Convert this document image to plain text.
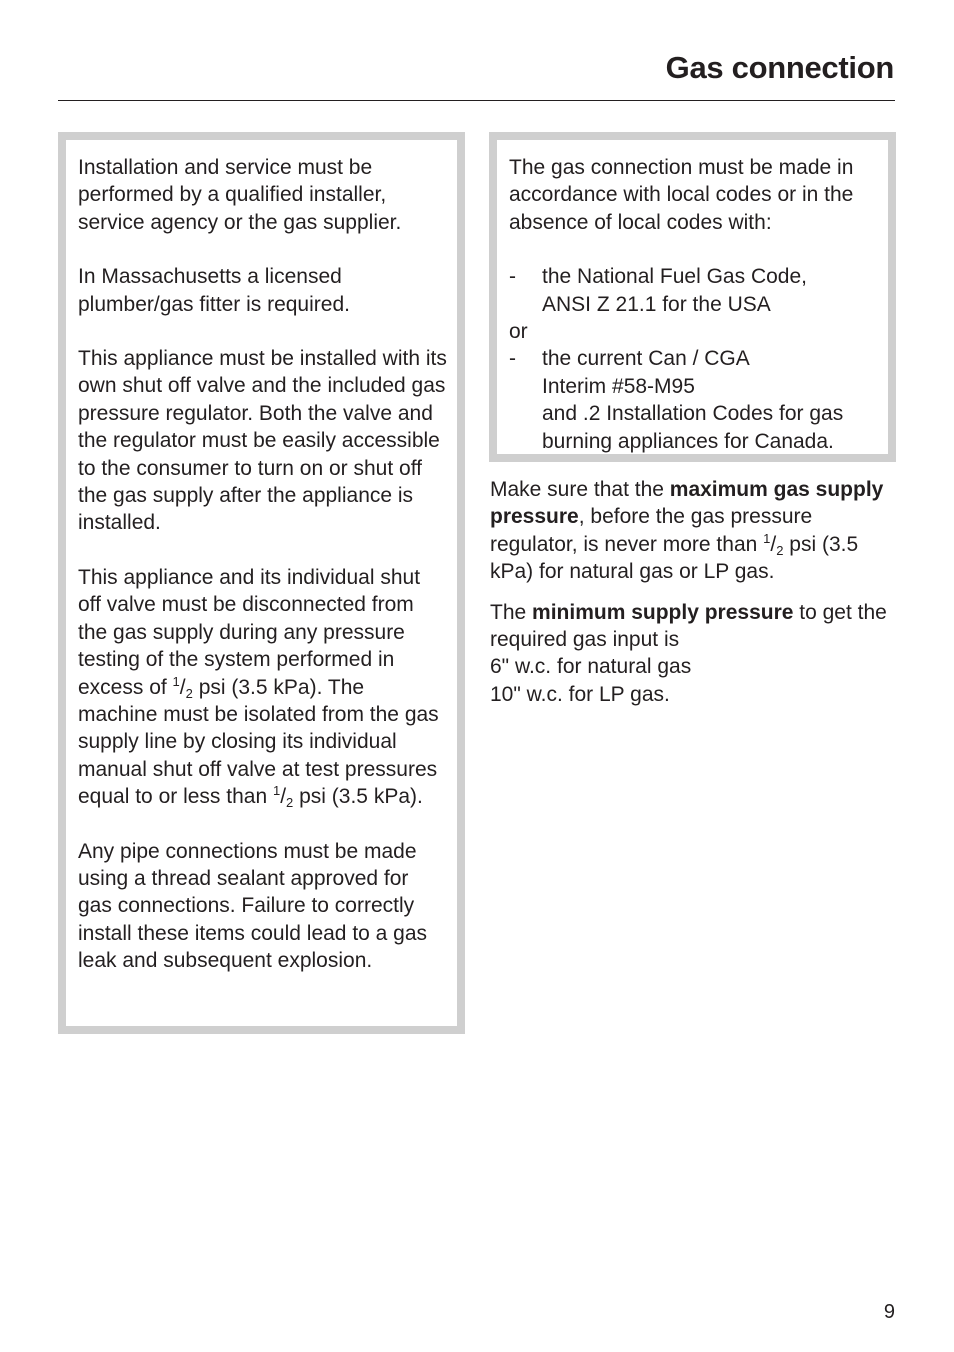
Gas connection

Installation and service must be performed by a qualified installer, service agency or the gas supplier.

In Massachusetts a licensed plumber/gas fitter is required.

This appliance must be installed with its own shut off valve and the included gas pressure regulator. Both the valve and the regulator must be easily accessible to the consumer to turn on or shut off the gas supply after the appliance is installed.

This appliance and its individual shut off valve must be disconnected from the gas supply during any pressure testing of the system performed in excess of $^1/_2$ psi (3.5 kPa). The machine must be isolated from the gas supply line by closing its individual manual shut off valve at test pressures equal to or less than $^1/_2$ psi (3.5 kPa).

Any pipe connections must be made using a thread sealant approved for gas connections. Failure to correctly install these items could lead to a gas leak and subsequent explosion.

The gas connection must be made in accordance with local codes or in the absence of local codes with:

- the National Fuel Gas Code,
ANSI Z 21.1 for the USA
or
- the current Can / CGA
Interim #58-M95
and .2 Installation Codes for gas burning appliances for Canada.

Make sure that the maximum gas supply pressure, before the gas pressure regulator, is never more than $^1/_2$ psi (3.5 kPa) for natural gas or LP gas.

The minimum supply pressure to get the required gas input is
6" w.c. for natural gas
10" w.c. for LP gas.

9
